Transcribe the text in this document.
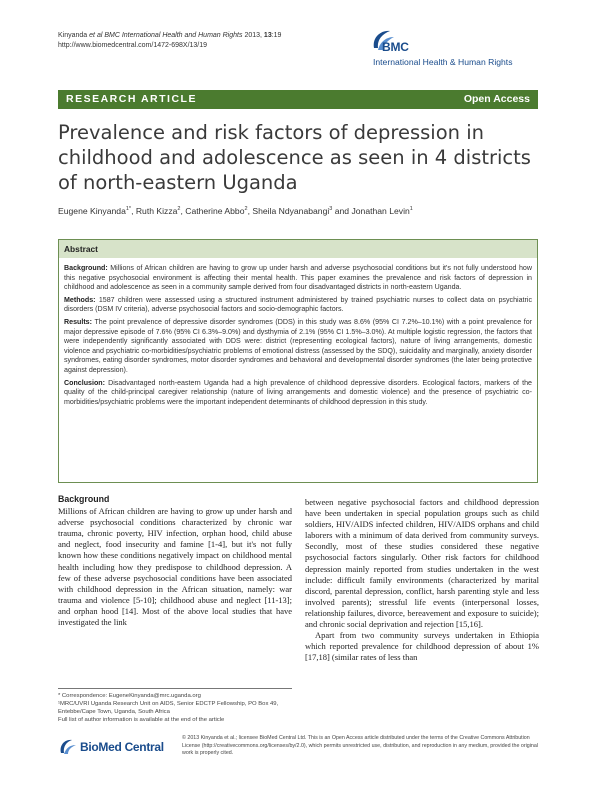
Kinyanda et al BMC International Health and Human Rights 2013, 13:19
http://www.biomedcentral.com/1472-698X/13/19	BMC
International Health & Human Rights
RESEARCH ARTICLE	Open Access
Prevalence and risk factors of depression in childhood and adolescence as seen in 4 districts of north-eastern Uganda
Eugene Kinyanda$^{1*}$, Ruth Kizza$^2$, Catherine Abbo$^2$, Sheila Ndyanabangi$^3$ and Jonathan Levin$^1$
Abstract

Background: Millions of African children are having to grow up under harsh and adverse psychosocial conditions but it's not fully understood how this negative psychosocial environment is affecting their mental health. This paper examines the prevalence and risk factors of depression in childhood and adolescence as seen in a community sample derived from four disadvantaged districts in north-eastern Uganda.

Methods: 1587 children were assessed using a structured instrument administered by trained psychiatric nurses to collect data on psychiatric disorders (DSM IV criteria), adverse psychosocial factors and socio-demographic factors.

Results: The point prevalence of depressive disorder syndromes (DDS) in this study was 8.6% (95% CI 7.2%–10.1%) with a point prevalence for major depressive episode of 7.6% (95% CI 6.3%–9.0%) and dysthymia of 2.1% (95% CI 1.5%–3.0%). At multiple logistic regression, the factors that were independently significantly associated with DDS were: district (representing ecological factors), nature of living arrangements, domestic violence and psychiatric co-morbidities/psychiatric problems of emotional distress (assessed by the SDQ), suicidality and marginally, anxiety disorder syndromes, eating disorder syndromes, motor disorder syndromes and behavioral and developmental disorder syndromes (the later being protective against depression).

Conclusion: Disadvantaged north-eastern Uganda had a high prevalence of childhood depressive disorders. Ecological factors, markers of the quality of the child-principal caregiver relationship (nature of living arrangements and domestic violence) and the presence of psychiatric co-morbidities/psychiatric problems were the important independent determinants of childhood depression in this study.

Background

Millions of African children are having to grow up under harsh and adverse psychosocial conditions characterized by chronic war trauma, chronic poverty, HIV infection, orphan hood, child abuse and neglect, food insecurity and famine [1-4], but it's not fully known how these conditions negatively impact on childhood mental health including how they predispose to childhood depression. A few of these adverse psychosocial conditions have been associated with childhood depression in the African situation, namely: war trauma and violence [5-10]; childhood abuse and neglect [11-13]; and orphan hood [14]. Most of the above local studies that have investigated the link

* Correspondence: EugeneKinyanda@mrc.uganda.org

¹MRC/UVRI Uganda Research Unit on AIDS, Senior EDCTP Fellowship, PO Box 49, Entebbe/Cape Town, Uganda, South Africa

Full list of author information is available at the end of the article

between negative psychosocial factors and childhood depression have been undertaken in special population groups such as child soldiers, HIV/AIDS infected children, HIV/AIDS orphans and child laborers with a minimum of data derived from community surveys. Secondly, most of these studies considered these negative psychosocial factors singularly. Other risk factors for childhood depression mainly reported from studies undertaken in the west include: difficult family environments (characterized by marital discord, parental depression, conflict, harsh parenting style and less involved parents); stressful life events (interpersonal losses, relationship failures, divorce, bereavement and exposure to suicide); and chronic social deprivation and rejection [15,16].

Apart from two community surveys undertaken in Ethiopia which reported prevalence for childhood depression of about 1% [17,18] (similar rates of less than

BioMed Central
© 2013 Kinyanda et al.; licensee BioMed Central Ltd. This is an Open Access article distributed under the terms of the Creative Commons Attribution License (http://creativecommons.org/licenses/by/2.0), which permits unrestricted use, distribution, and reproduction in any medium, provided the original work is properly cited.
